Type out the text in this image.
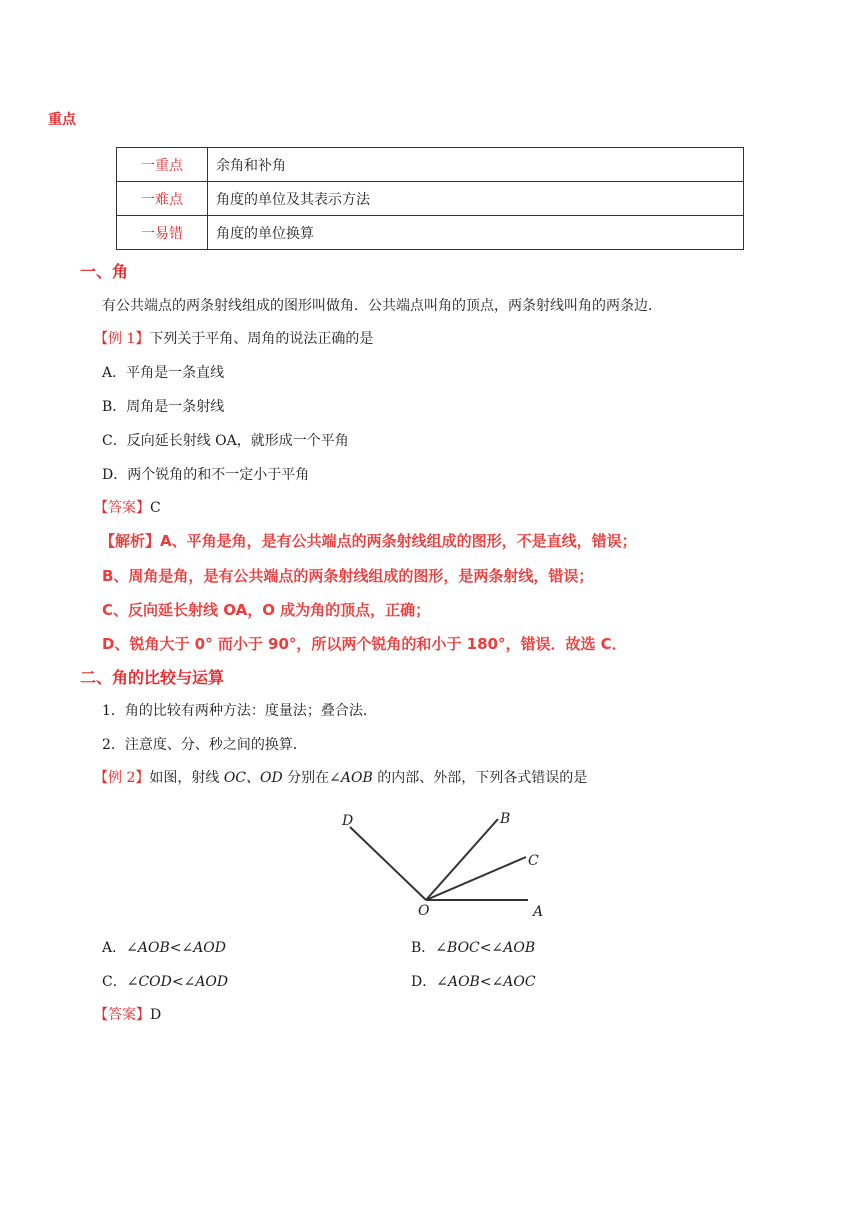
重点
一重点	余角和补角
一难点	角度的单位及其表示方法
一易错	角度的单位换算
一、角
有公共端点的两条射线组成的图形叫做角．公共端点叫角的顶点，两条射线叫角的两条边．
【例 1】下列关于平角、周角的说法正确的是
A．平角是一条直线
B．周角是一条射线
C．反向延长射线 OA，就形成一个平角
D．两个锐角的和不一定小于平角
【答案】C
【解析】A、平角是角，是有公共端点的两条射线组成的图形，不是直线，错误；
B、周角是角，是有公共端点的两条射线组成的图形，是两条射线，错误；
C、反向延长射线 OA，O 成为角的顶点，正确；
D、锐角大于 0° 而小于 90°，所以两个锐角的和小于 180°，错误．故选 C．
二、角的比较与运算
1．角的比较有两种方法：度量法；叠合法．
2．注意度、分、秒之间的换算．
【例 2】如图，射线 OC、OD 分别在∠AOB 的内部、外部，下列各式错误的是
D	B
C
O	A
A．∠AOB<∠AOD	B．∠BOC<∠AOB
C．∠COD<∠AOD	D．∠AOB<∠AOC
【答案】D
